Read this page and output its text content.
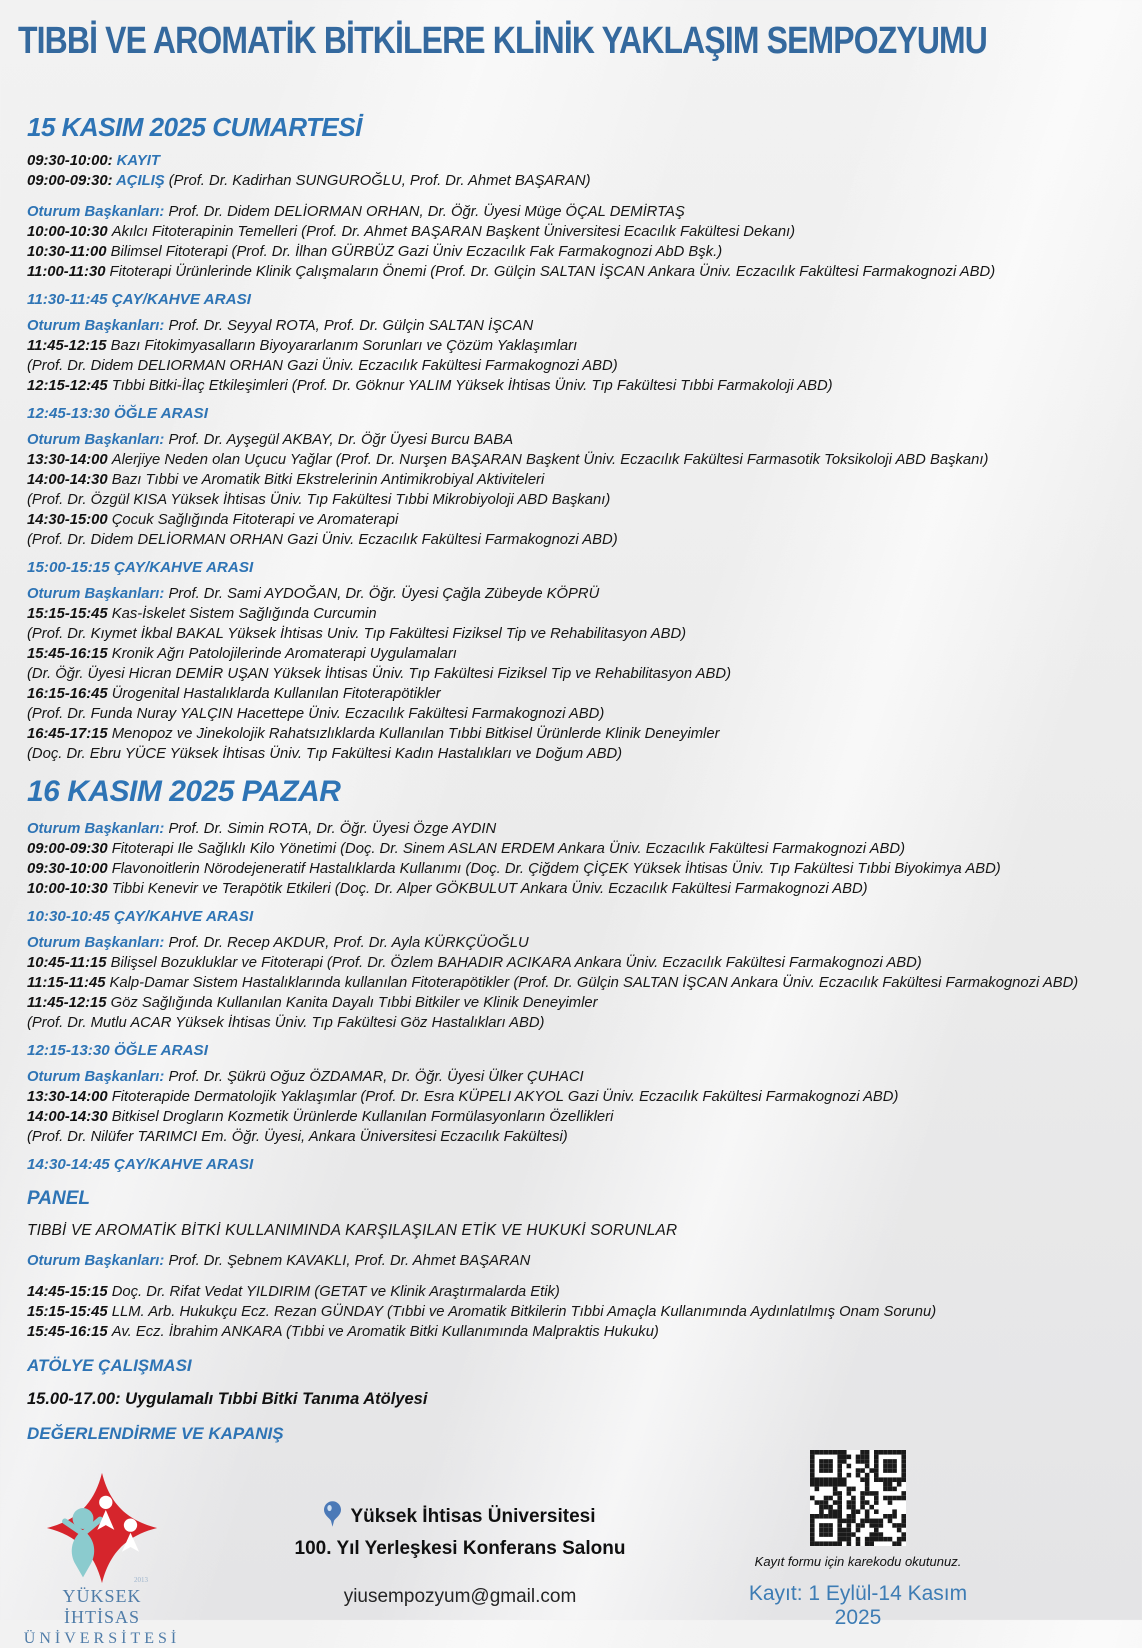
TIBBİ VE AROMATİK BİTKİLERE KLİNİK YAKLAŞIM SEMPOZYUMU
15 KASIM 2025 CUMARTESİ
09:30-10:00: KAYIT
09:00-09:30: AÇILIŞ (Prof. Dr. Kadirhan SUNGUROĞLU, Prof. Dr. Ahmet BAŞARAN)
Oturum Başkanları: Prof. Dr. Didem DELİORMAN ORHAN, Dr. Öğr. Üyesi Müge ÖÇAL DEMİRTAŞ
10:00-10:30 Akılcı Fitoterapinin Temelleri (Prof. Dr. Ahmet BAŞARAN Başkent Üniversitesi Ecacılık Fakültesi Dekanı)
10:30-11:00 Bilimsel Fitoterapi (Prof. Dr. İlhan GÜRBÜZ Gazi Üniv Eczacılık Fak Farmakognozi AbD Bşk.)
11:00-11:30 Fitoterapi Ürünlerinde Klinik Çalışmaların Önemi (Prof. Dr. Gülçin SALTAN İŞCAN Ankara Üniv. Eczacılık Fakültesi Farmakognozi ABD)
11:30-11:45 ÇAY/KAHVE ARASI
Oturum Başkanları: Prof. Dr. Seyyal ROTA, Prof. Dr. Gülçin SALTAN İŞCAN
11:45-12:15 Bazı Fitokimyasalların Biyoyararlanım Sorunları ve Çözüm Yaklaşımları
(Prof. Dr. Didem DELIORMAN ORHAN Gazi Üniv. Eczacılık Fakültesi Farmakognozi ABD)
12:15-12:45 Tıbbi Bitki-İlaç Etkileşimleri (Prof. Dr. Göknur YALIM Yüksek İhtisas Üniv. Tıp Fakültesi Tıbbi Farmakoloji ABD)
12:45-13:30 ÖĞLE ARASI
Oturum Başkanları: Prof. Dr. Ayşegül AKBAY, Dr. Öğr Üyesi Burcu BABA
13:30-14:00 Alerjiye Neden olan Uçucu Yağlar (Prof. Dr. Nurşen BAŞARAN Başkent Üniv. Eczacılık Fakültesi Farmasotik Toksikoloji ABD Başkanı)
14:00-14:30 Bazı Tıbbi ve Aromatik Bitki Ekstrelerinin Antimikrobiyal Aktiviteleri
(Prof. Dr. Özgül KISA Yüksek İhtisas Üniv. Tıp Fakültesi Tıbbi Mikrobiyoloji ABD Başkanı)
14:30-15:00 Çocuk Sağlığında Fitoterapi ve Aromaterapi
(Prof. Dr. Didem DELİORMAN ORHAN Gazi Üniv. Eczacılık Fakültesi Farmakognozi ABD)
15:00-15:15 ÇAY/KAHVE ARASI
Oturum Başkanları: Prof. Dr. Sami AYDOĞAN, Dr. Öğr. Üyesi Çağla Zübeyde KÖPRÜ
15:15-15:45 Kas-İskelet Sistem Sağlığında Curcumin
(Prof. Dr. Kıymet İkbal BAKAL Yüksek İhtisas Univ. Tıp Fakültesi Fiziksel Tip ve Rehabilitasyon ABD)
15:45-16:15 Kronik Ağrı Patolojilerinde Aromaterapi Uygulamaları
(Dr. Öğr. Üyesi Hicran DEMİR UŞAN Yüksek İhtisas Üniv. Tıp Fakültesi Fiziksel Tip ve Rehabilitasyon ABD)
16:15-16:45 Ürogenital Hastalıklarda Kullanılan Fitoterapötikler
(Prof. Dr. Funda Nuray YALÇIN Hacettepe Üniv. Eczacılık Fakültesi Farmakognozi ABD)
16:45-17:15 Menopoz ve Jinekolojik Rahatsızlıklarda Kullanılan Tıbbi Bitkisel Ürünlerde Klinik Deneyimler
(Doç. Dr. Ebru YÜCE Yüksek İhtisas Üniv. Tıp Fakültesi Kadın Hastalıkları ve Doğum ABD)
16 KASIM 2025 PAZAR
Oturum Başkanları: Prof. Dr. Simin ROTA, Dr. Öğr. Üyesi Özge AYDIN
09:00-09:30 Fitoterapi Ile Sağlıklı Kilo Yönetimi (Doç. Dr. Sinem ASLAN ERDEM Ankara Üniv. Eczacılık Fakültesi Farmakognozi ABD)
09:30-10:00 Flavonoitlerin Nörodejeneratif Hastalıklarda Kullanımı (Doç. Dr. Çiğdem ÇİÇEK Yüksek İhtisas Üniv. Tıp Fakültesi Tıbbi Biyokimya ABD)
10:00-10:30 Tibbi Kenevir ve Terapötik Etkileri (Doç. Dr. Alper GÖKBULUT Ankara Üniv. Eczacılık Fakültesi Farmakognozi ABD)
10:30-10:45 ÇAY/KAHVE ARASI
Oturum Başkanları: Prof. Dr. Recep AKDUR, Prof. Dr. Ayla KÜRKÇÜOĞLU
10:45-11:15 Bilişsel Bozukluklar ve Fitoterapi (Prof. Dr. Özlem BAHADIR ACIKARA Ankara Üniv. Eczacılık Fakültesi Farmakognozi ABD)
11:15-11:45 Kalp-Damar Sistem Hastalıklarında kullanılan Fitoterapötikler (Prof. Dr. Gülçin SALTAN İŞCAN Ankara Üniv. Eczacılık Fakültesi Farmakognozi ABD)
11:45-12:15 Göz Sağlığında Kullanılan Kanita Dayalı Tıbbi Bitkiler ve Klinik Deneyimler
(Prof. Dr. Mutlu ACAR Yüksek İhtisas Üniv. Tıp Fakültesi Göz Hastalıkları ABD)
12:15-13:30 ÖĞLE ARASI
Oturum Başkanları: Prof. Dr. Şükrü Oğuz ÖZDAMAR, Dr. Öğr. Üyesi Ülker ÇUHACI
13:30-14:00 Fitoterapide Dermatolojik Yaklaşımlar (Prof. Dr. Esra KÜPELI AKYOL Gazi Üniv. Eczacılık Fakültesi Farmakognozi ABD)
14:00-14:30 Bitkisel Drogların Kozmetik Ürünlerde Kullanılan Formülasyonların Özellikleri
(Prof. Dr. Nilüfer TARIMCI Em. Öğr. Üyesi, Ankara Üniversitesi Eczacılık Fakültesi)
14:30-14:45 ÇAY/KAHVE ARASI
PANEL
TIBBİ VE AROMATİK BİTKİ KULLANIMINDA KARŞILAŞILAN ETİK VE HUKUKİ SORUNLAR
Oturum Başkanları: Prof. Dr. Şebnem KAVAKLI, Prof. Dr. Ahmet BAŞARAN
14:45-15:15 Doç. Dr. Rifat Vedat YILDIRIM (GETAT ve Klinik Araştırmalarda Etik)
15:15-15:45 LLM. Arb. Hukukçu Ecz. Rezan GÜNDAY (Tıbbi ve Aromatik Bitkilerin Tıbbi Amaçla Kullanımında Aydınlatılmış Onam Sorunu)
15:45-16:15 Av. Ecz. İbrahim ANKARA (Tıbbi ve Aromatik Bitki Kullanımında Malpraktis Hukuku)
ATÖLYE ÇALIŞMASI
15.00-17.00: Uygulamalı Tıbbi Bitki Tanıma Atölyesi
DEĞERLENDİRME VE KAPANIŞ
2013
YÜKSEK İHTİSAS
ÜNİVERSİTESİ
Yüksek İhtisas Üniversitesi
100. Yıl Yerleşkesi Konferans Salonu
yiusempozyum@gmail.com
Kayıt formu için karekodu okutunuz.
Kayıt: 1 Eylül-14 Kasım 2025
